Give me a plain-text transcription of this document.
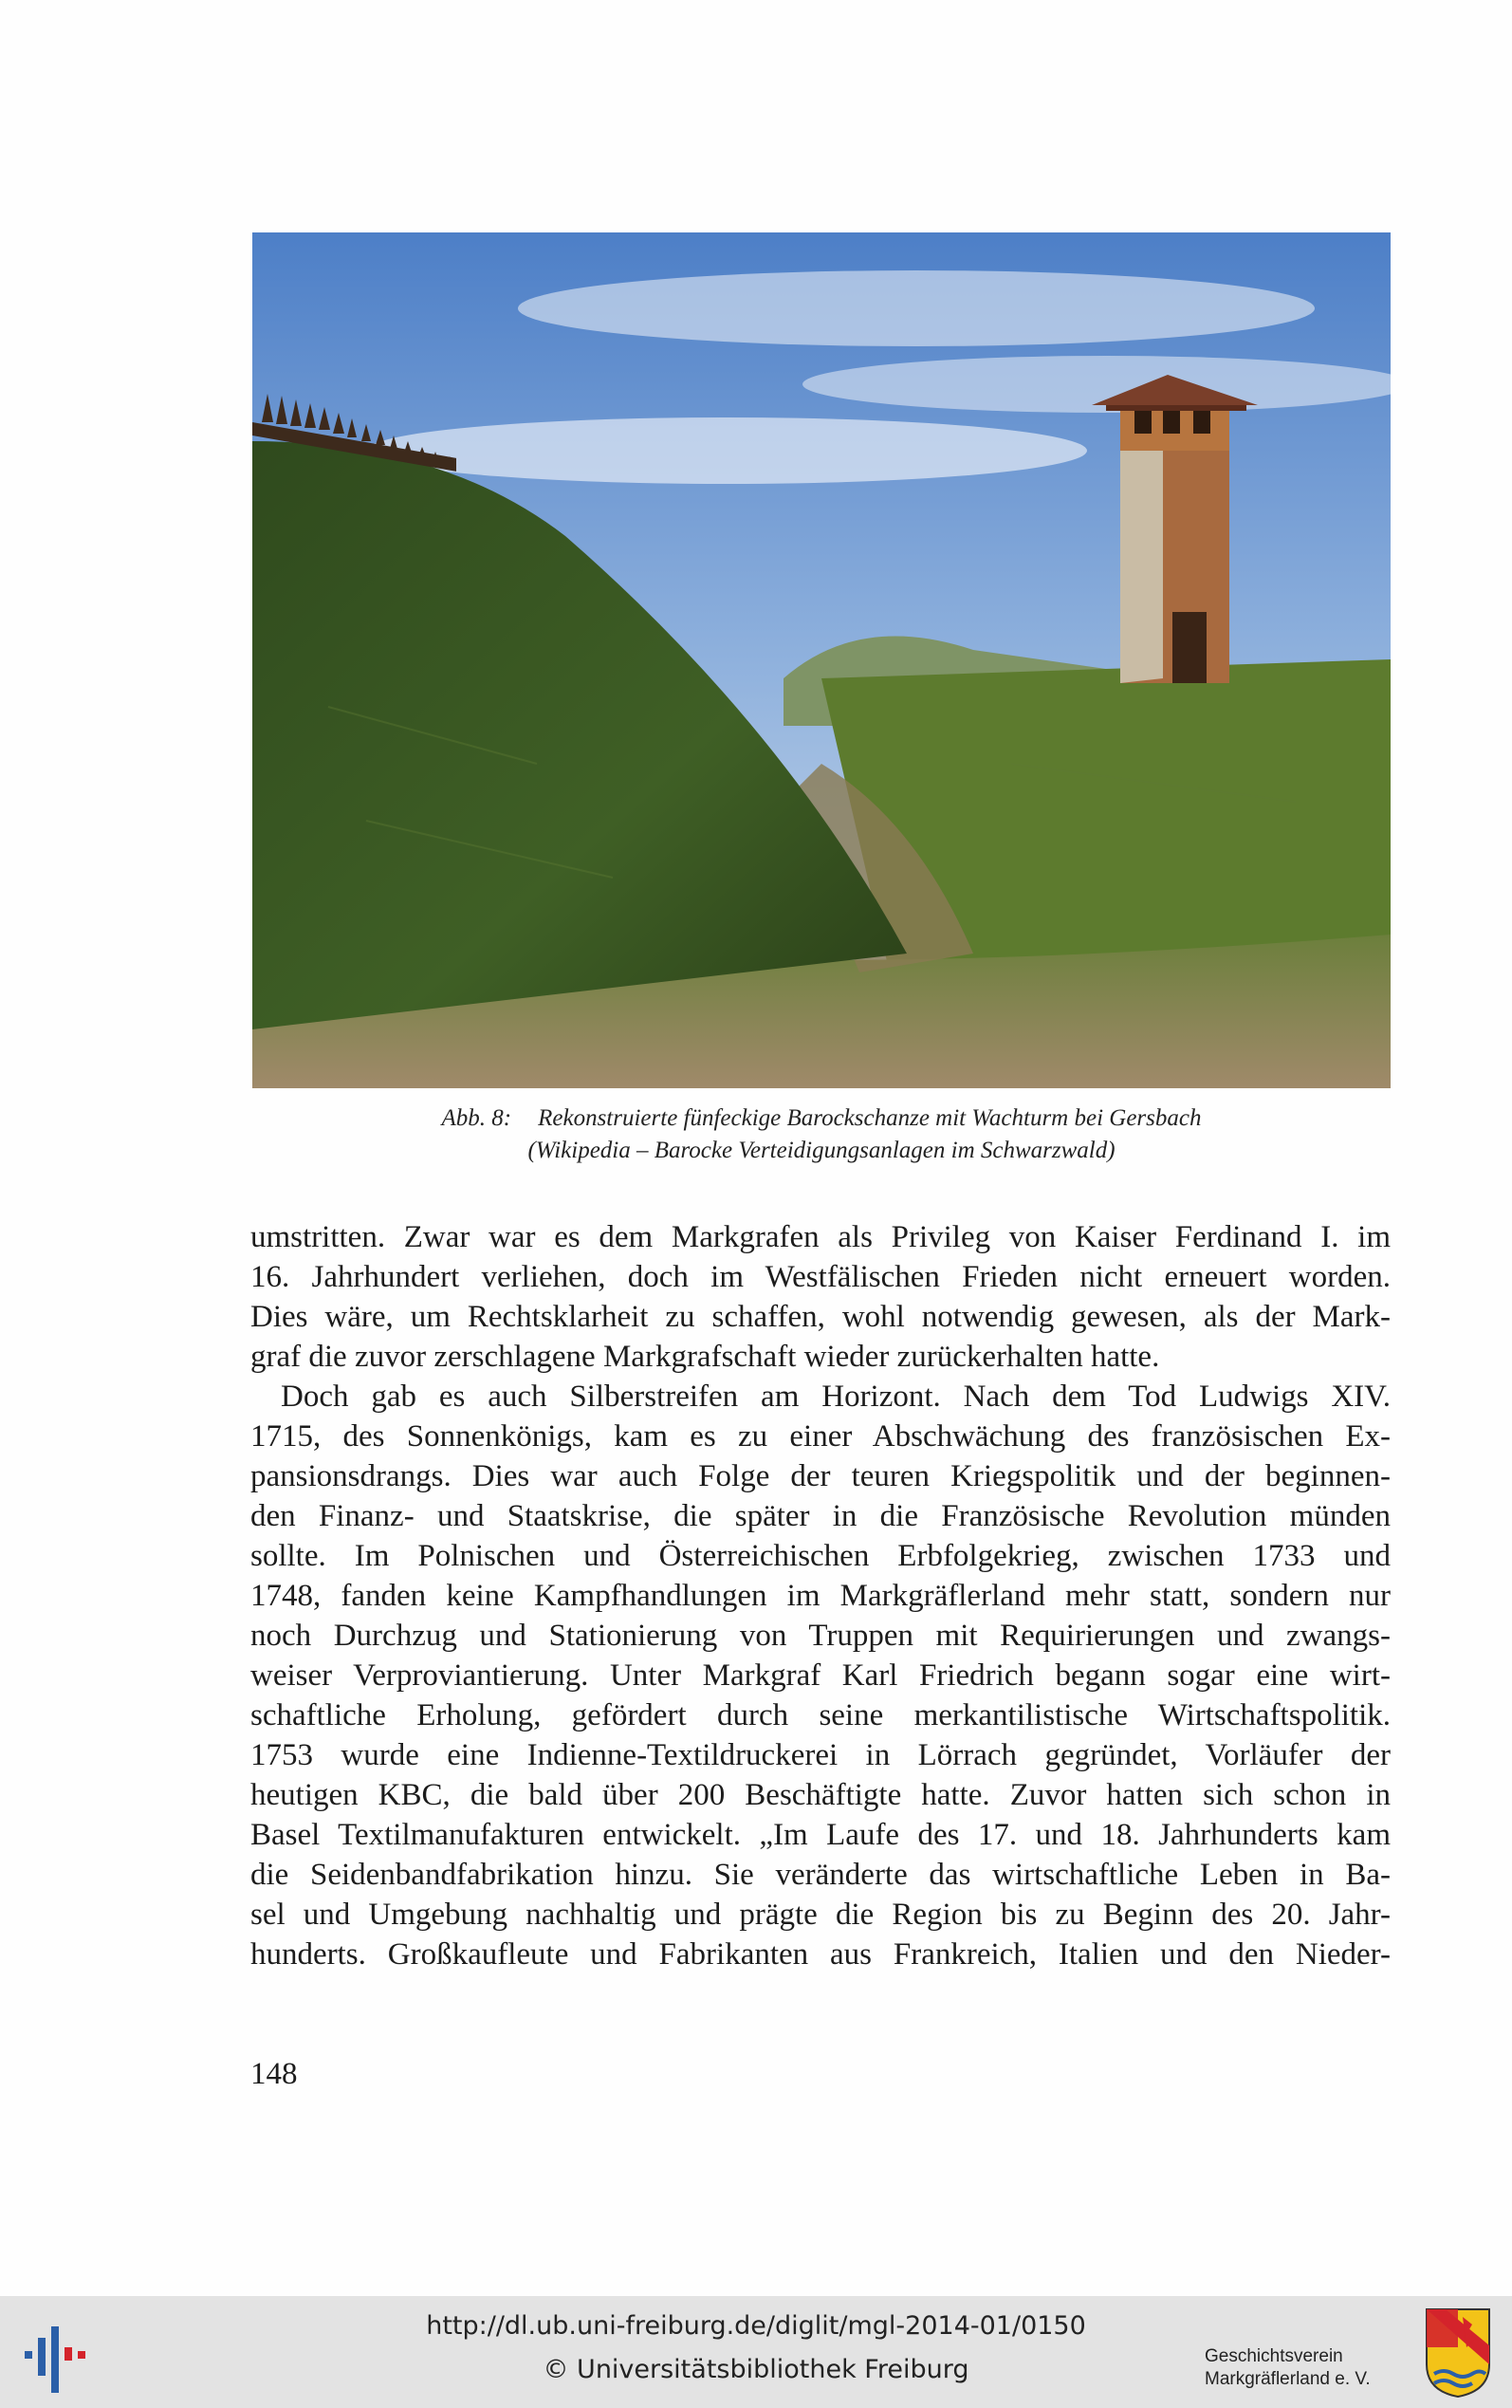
Abb. 8: Rekonstruierte fünfeckige Barockschanze mit Wachturm bei Gersbach
(Wikipedia – Barocke Verteidigungsanlagen im Schwarzwald)
umstritten. Zwar war es dem Markgrafen als Privileg von Kaiser Ferdinand I. im
16. Jahrhundert verliehen, doch im Westfälischen Frieden nicht erneuert worden.
Dies wäre, um Rechtsklarheit zu schaffen, wohl notwendig gewesen, als der Mark-
graf die zuvor zerschlagene Markgrafschaft wieder zurückerhalten hatte.
Doch gab es auch Silberstreifen am Horizont. Nach dem Tod Ludwigs XIV.
1715, des Sonnenkönigs, kam es zu einer Abschwächung des französischen Ex-
pansionsdrangs. Dies war auch Folge der teuren Kriegspolitik und der beginnen-
den Finanz- und Staatskrise, die später in die Französische Revolution münden
sollte. Im Polnischen und Österreichischen Erbfolgekrieg, zwischen 1733 und
1748, fanden keine Kampfhandlungen im Markgräflerland mehr statt, sondern nur
noch Durchzug und Stationierung von Truppen mit Requirierungen und zwangs-
weiser Verproviantierung. Unter Markgraf Karl Friedrich begann sogar eine wirt-
schaftliche Erholung, gefördert durch seine merkantilistische Wirtschaftspolitik.
1753 wurde eine Indienne-Textildruckerei in Lörrach gegründet, Vorläufer der
heutigen KBC, die bald über 200 Beschäftigte hatte. Zuvor hatten sich schon in
Basel Textilmanufakturen entwickelt. „Im Laufe des 17. und 18. Jahrhunderts kam
die Seidenbandfabrikation hinzu. Sie veränderte das wirtschaftliche Leben in Ba-
sel und Umgebung nachhaltig und prägte die Region bis zu Beginn des 20. Jahr-
hunderts. Großkaufleute und Fabrikanten aus Frankreich, Italien und den Nieder-
148
http://dl.ub.uni-freiburg.de/diglit/mgl-2014-01/0150
© Universitätsbibliothek Freiburg	Geschichtsverein
Markgräflerland e. V.
